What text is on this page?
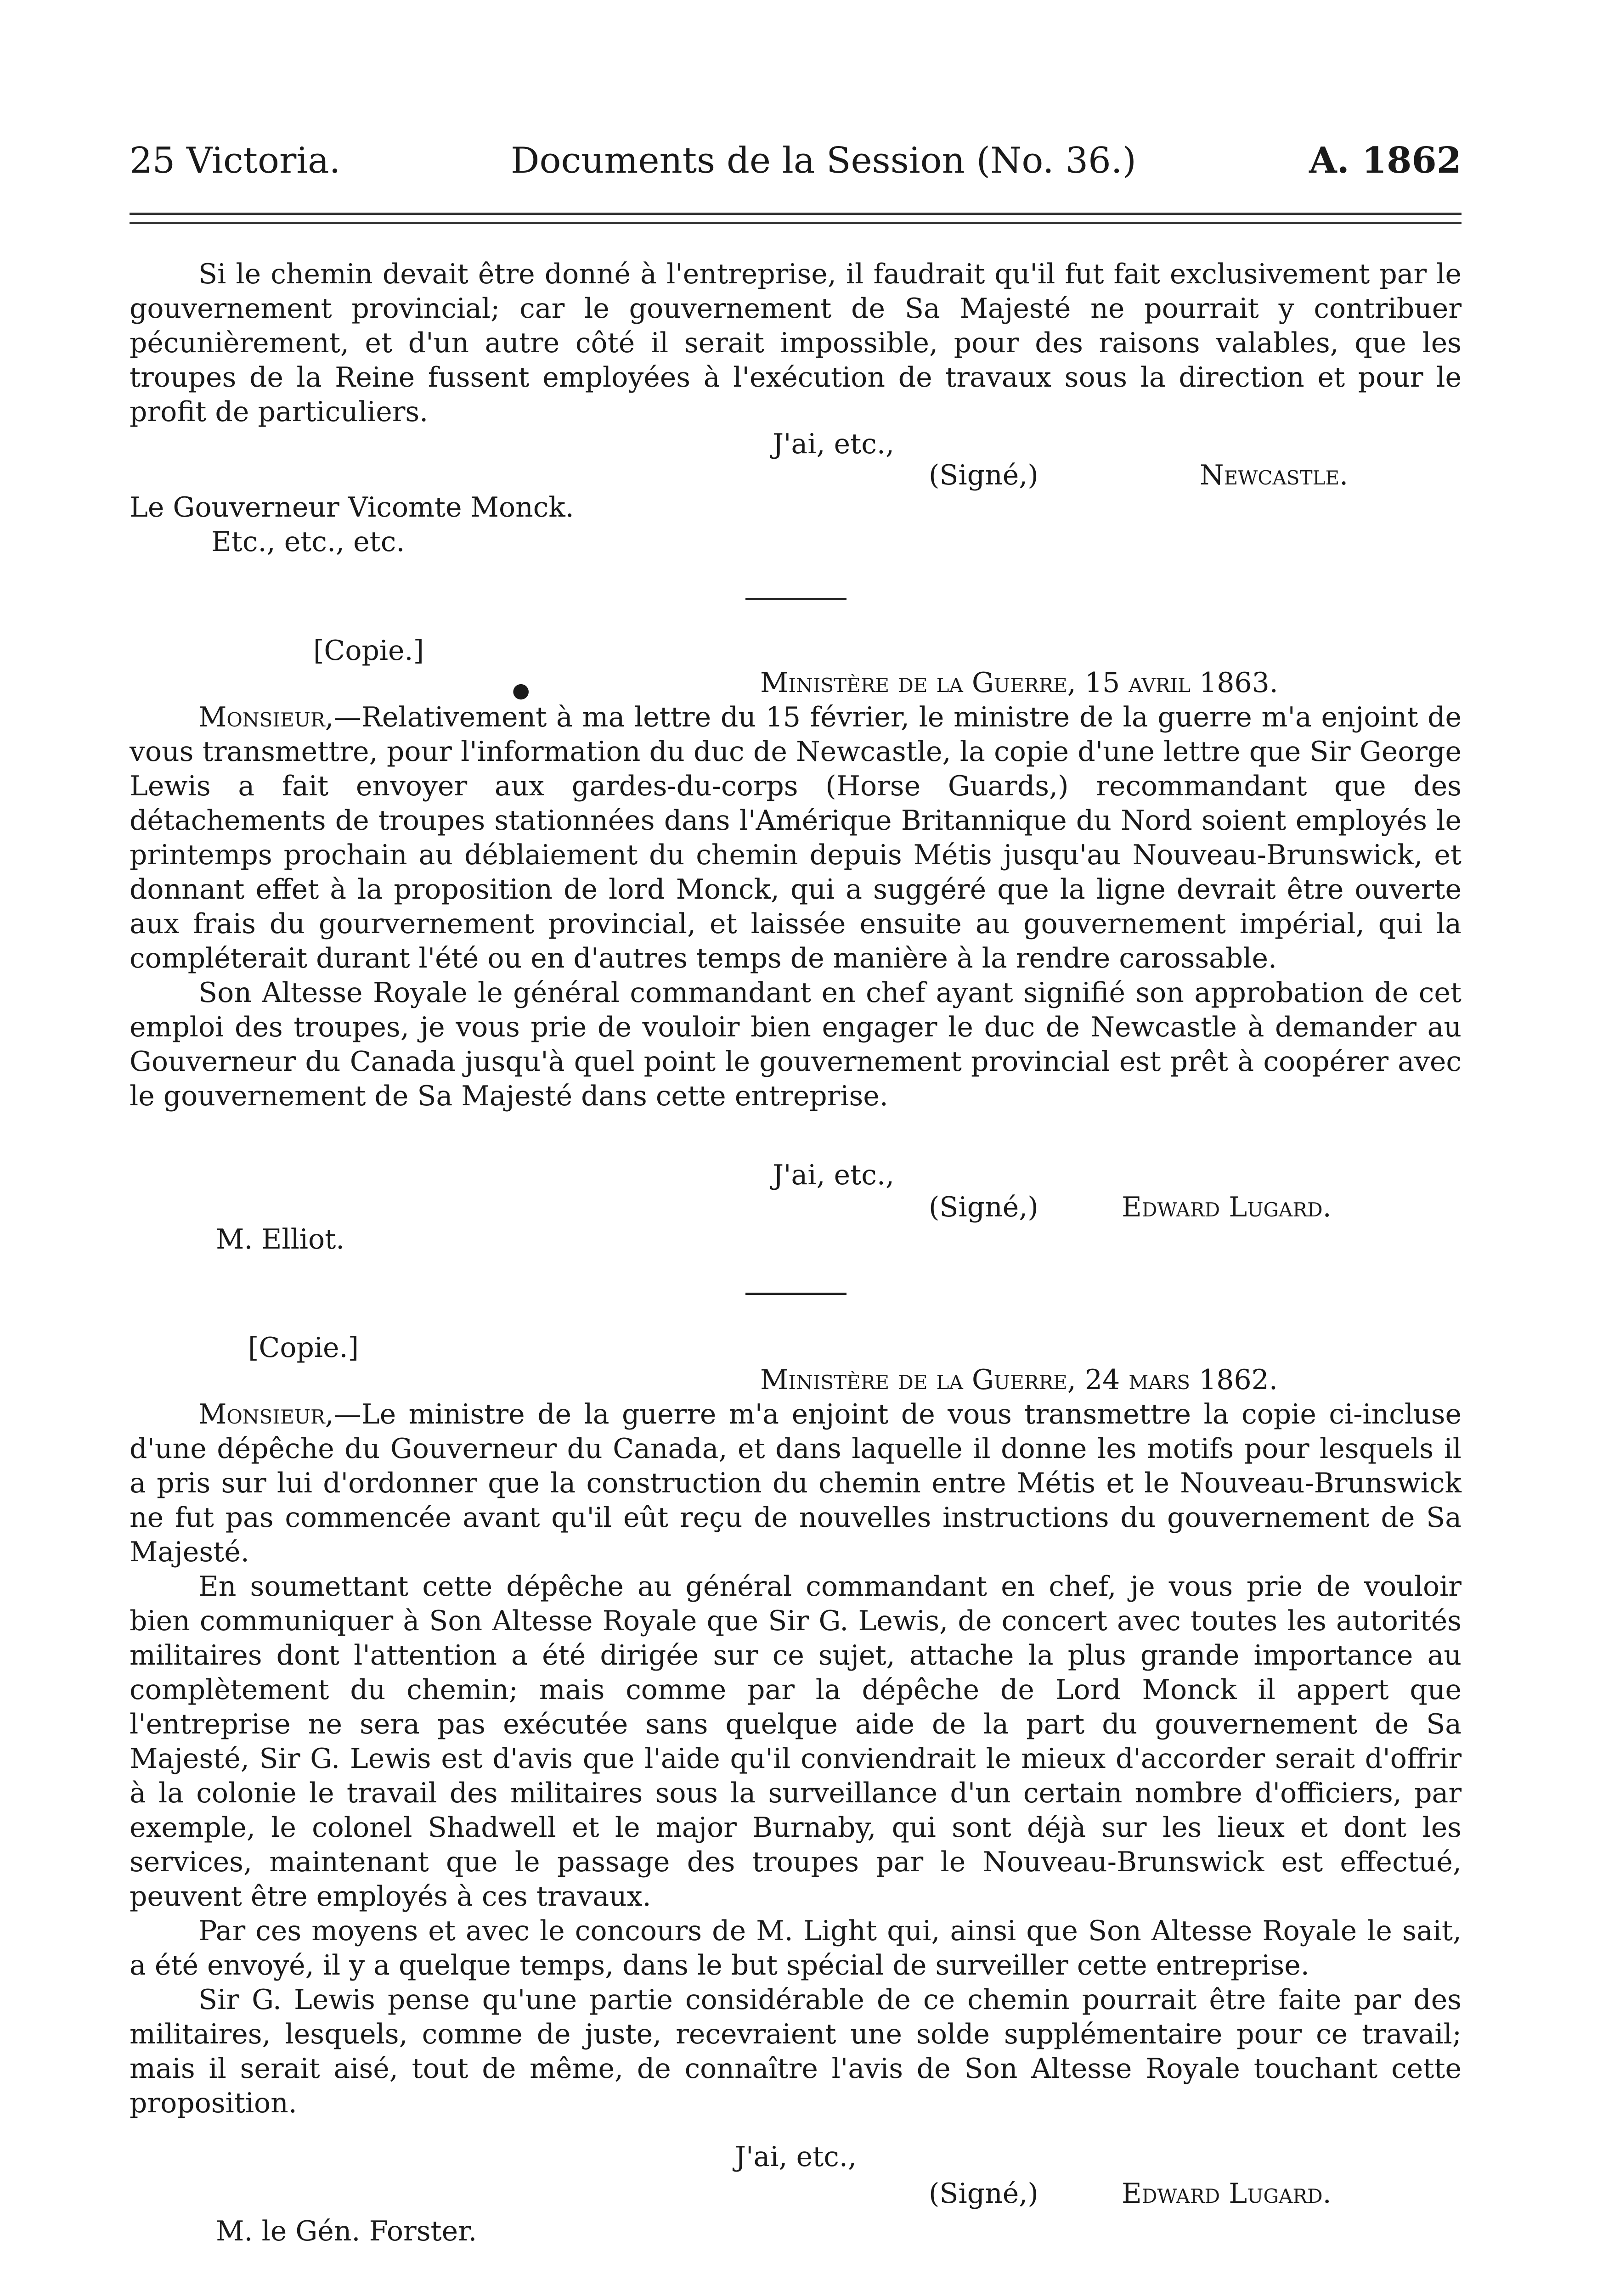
25 Victoria.	Documents de la Session (No. 36.)	A. 1862

Si le chemin devait être donné à l'entreprise, il faudrait qu'il fut fait exclusivement par le gouvernement provincial; car le gouvernement de Sa Majesté ne pourrait y contribuer pécunièrement, et d'un autre côté il serait impossible, pour des raisons valables, que les troupes de la Reine fussent employées à l'exécution de travaux sous la direction et pour le profit de particuliers.

J'ai, etc.,
(Signé,)	Newcastle.
Le Gouverneur Vicomte Monck.
Etc., etc., etc.
[Copie.]
●	Ministère de la Guerre, 15 avril 1863.

Monsieur,—Relativement à ma lettre du 15 février, le ministre de la guerre m'a enjoint de vous transmettre, pour l'information du duc de Newcastle, la copie d'une lettre que Sir George Lewis a fait envoyer aux gardes-du-corps (Horse Guards,) recommandant que des détachements de troupes stationnées dans l'Amérique Britannique du Nord soient employés le printemps prochain au déblaiement du chemin depuis Métis jusqu'au Nouveau-Brunswick, et donnant effet à la proposition de lord Monck, qui a suggéré que la ligne devrait être ouverte aux frais du gourvernement provincial, et laissée ensuite au gouvernement impérial, qui la compléterait durant l'été ou en d'autres temps de manière à la rendre carossable.

Son Altesse Royale le général commandant en chef ayant signifié son approbation de cet emploi des troupes, je vous prie de vouloir bien engager le duc de Newcastle à demander au Gouverneur du Canada jusqu'à quel point le gouvernement provincial est prêt à coopérer avec le gouvernement de Sa Majesté dans cette entreprise.

J'ai, etc.,
(Signé,)	Edward Lugard.
M. Elliot.
[Copie.]
Ministère de la Guerre, 24 mars 1862.

Monsieur,—Le ministre de la guerre m'a enjoint de vous transmettre la copie ci-incluse d'une dépêche du Gouverneur du Canada, et dans laquelle il donne les motifs pour lesquels il a pris sur lui d'ordonner que la construction du chemin entre Métis et le Nouveau-Brunswick ne fut pas commencée avant qu'il eût reçu de nouvelles instructions du gouvernement de Sa Majesté.

En soumettant cette dépêche au général commandant en chef, je vous prie de vouloir bien communiquer à Son Altesse Royale que Sir G. Lewis, de concert avec toutes les autorités militaires dont l'attention a été dirigée sur ce sujet, attache la plus grande importance au complètement du chemin; mais comme par la dépêche de Lord Monck il appert que l'entreprise ne sera pas exécutée sans quelque aide de la part du gouvernement de Sa Majesté, Sir G. Lewis est d'avis que l'aide qu'il conviendrait le mieux d'accorder serait d'offrir à la colonie le travail des militaires sous la surveillance d'un certain nombre d'officiers, par exemple, le colonel Shadwell et le major Burnaby, qui sont déjà sur les lieux et dont les services, maintenant que le passage des troupes par le Nouveau-Brunswick est effectué, peuvent être employés à ces travaux.

Par ces moyens et avec le concours de M. Light qui, ainsi que Son Altesse Royale le sait, a été envoyé, il y a quelque temps, dans le but spécial de surveiller cette entreprise.

Sir G. Lewis pense qu'une partie considérable de ce chemin pourrait être faite par des militaires, lesquels, comme de juste, recevraient une solde supplémentaire pour ce travail; mais il serait aisé, tout de même, de connaître l'avis de Son Altesse Royale touchant cette proposition.

J'ai, etc.,
(Signé,)	Edward Lugard.
M. le Gén. Forster.
